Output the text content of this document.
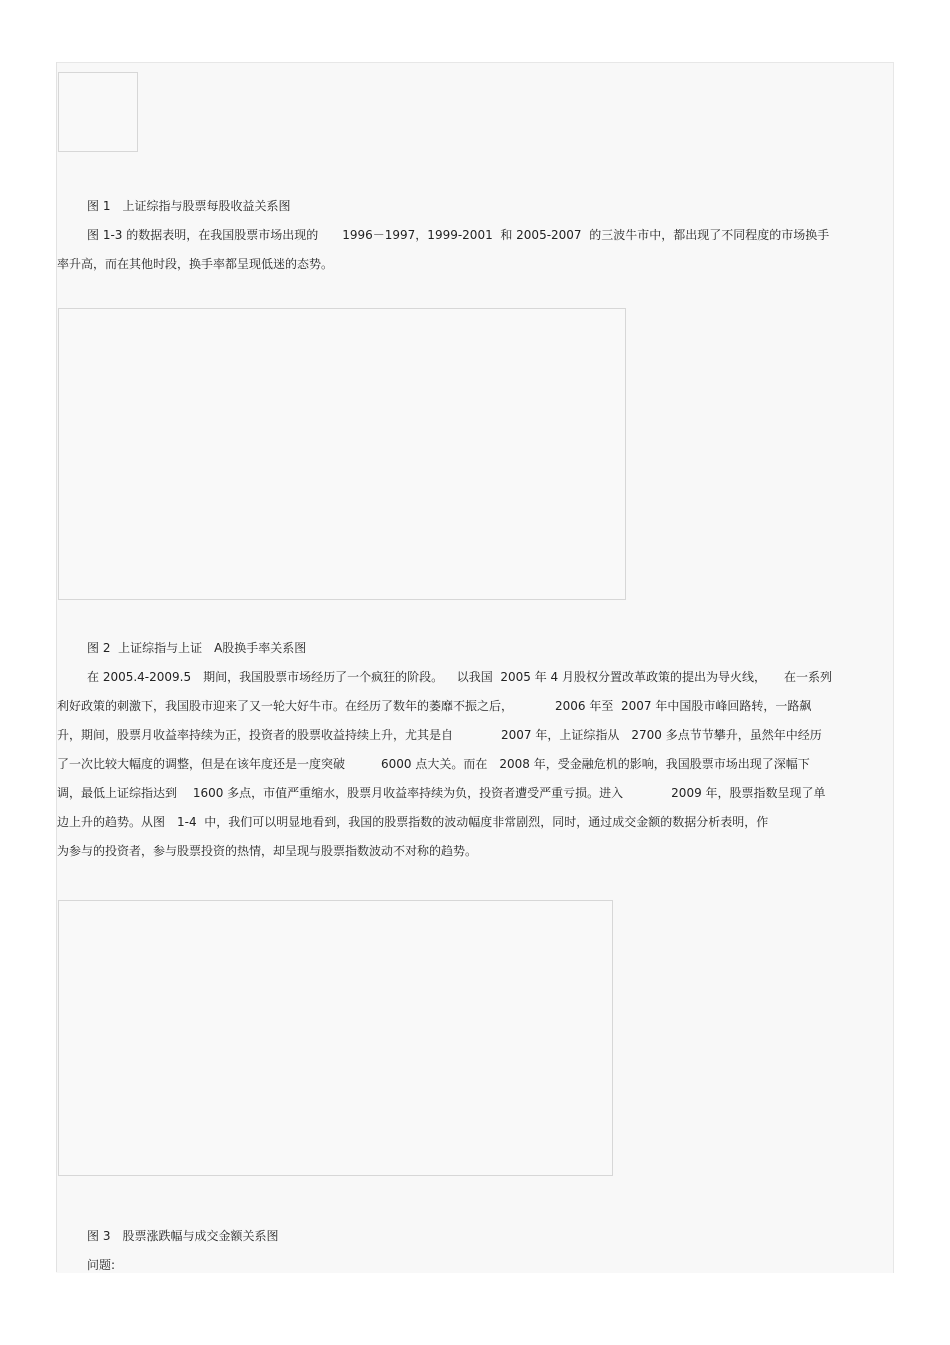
图 1　上证综指与股票每股收益关系图
图 1-3 的数据表明，在我国股票市场出现的　　1996－1997，1999-2001  和 2005-2007  的三波牛市中，都出现了不同程度的市场换手
率升高，而在其他时段，换手率都呈现低迷的态势。
图 2  上证综指与上证　A股换手率关系图
在 2005.4-2009.5　期间，我国股票市场经历了一个疯狂的阶段。　  以我国  2005 年 4 月股权分置改革政策的提出为导火线，　　在一系列
利好政策的刺激下，我国股市迎来了又一轮大好牛市。在经历了数年的萎靡不振之后，　　　　2006 年至  2007 年中国股市峰回路转，一路飙
升，期间，股票月收益率持续为正，投资者的股票收益持续上升，尤其是自　　　　2007 年，上证综指从　2700 多点节节攀升，虽然年中经历
了一次比较大幅度的调整，但是在该年度还是一度突破　　　6000 点大关。而在　2008 年，受金融危机的影响，我国股票市场出现了深幅下
调，最低上证综指达到　 1600 多点，市值严重缩水，股票月收益率持续为负，投资者遭受严重亏损。进入　　　　2009 年，股票指数呈现了单
边上升的趋势。从图　1-4  中，我们可以明显地看到，我国的股票指数的波动幅度非常剧烈，同时，通过成交金额的数据分析表明，作
为参与的投资者，参与股票投资的热情，却呈现与股票指数波动不对称的趋势。
图 3　股票涨跌幅与成交金额关系图
问题:
